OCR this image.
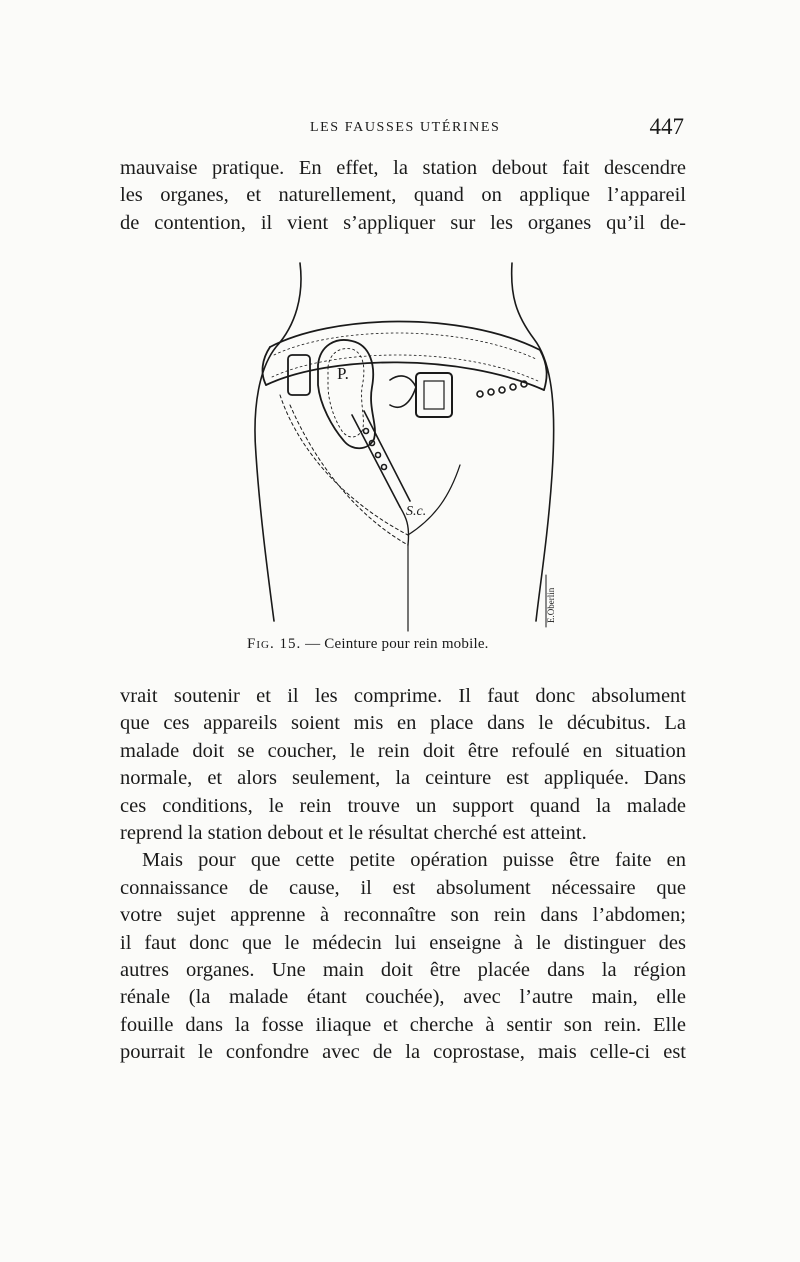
LES FAUSSES UTÉRINES	447
mauvaise pratique. En effet, la station debout fait descendre
les organes, et naturellement, quand on applique l’appareil
de contention, il vient s’appliquer sur les organes qu’il de-
P.
S.c.
E.Oberlin
Fig. 15. — Ceinture pour rein mobile.
vrait soutenir et il les comprime. Il faut donc absolument
que ces appareils soient mis en place dans le décubitus. La
malade doit se coucher, le rein doit être refoulé en situation
normale, et alors seulement, la ceinture est appliquée. Dans
ces conditions, le rein trouve un support quand la malade
reprend la station debout et le résultat cherché est atteint.
Mais pour que cette petite opération puisse être faite en
connaissance de cause, il est absolument nécessaire que
votre sujet apprenne à reconnaître son rein dans l’abdomen;
il faut donc que le médecin lui enseigne à le distinguer des
autres organes. Une main doit être placée dans la région
rénale (la malade étant couchée), avec l’autre main, elle
fouille dans la fosse iliaque et cherche à sentir son rein. Elle
pourrait le confondre avec de la coprostase, mais celle-ci est
